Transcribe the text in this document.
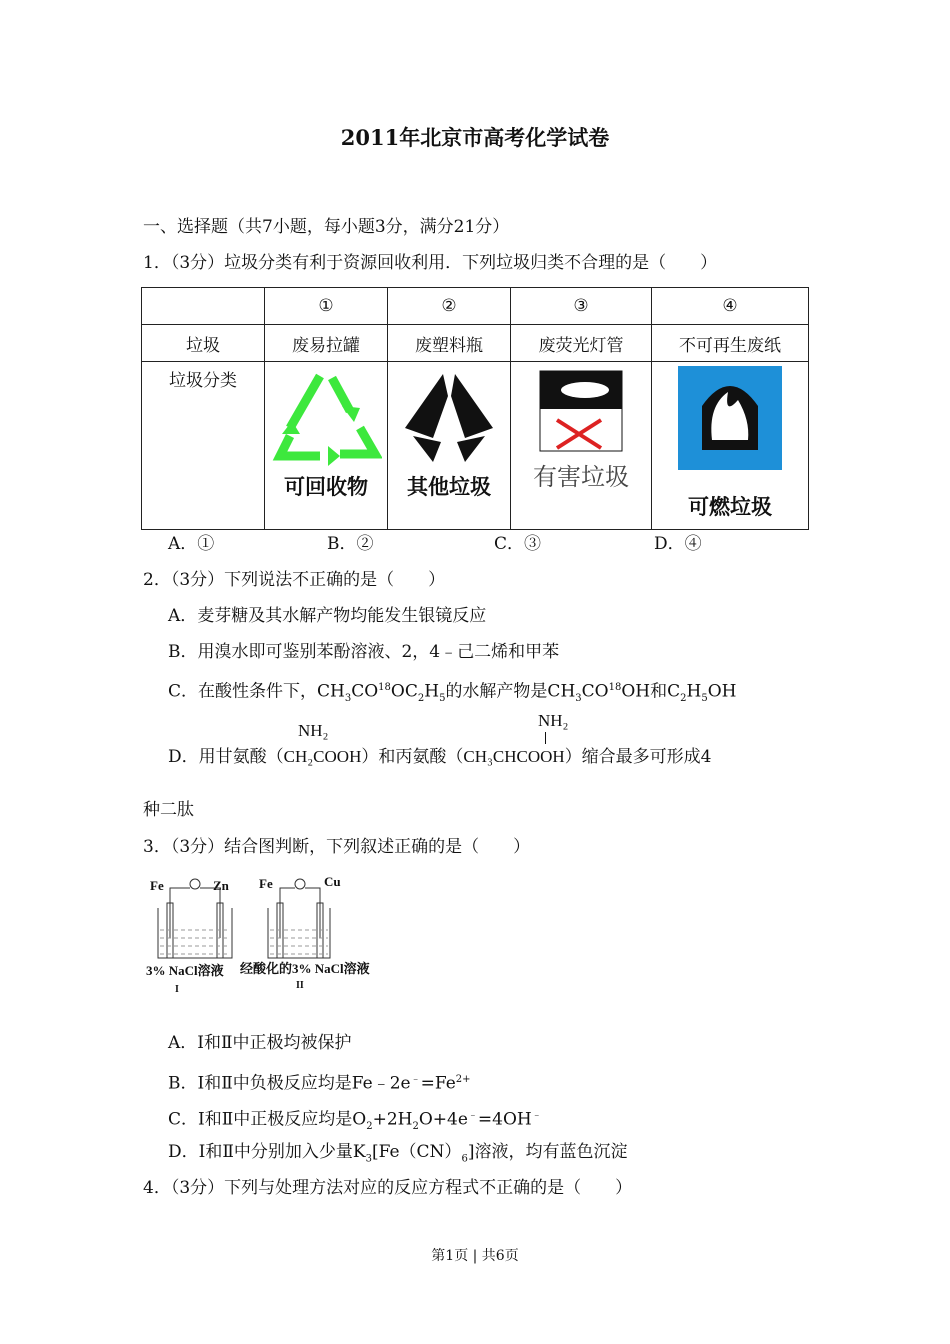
2011年北京市高考化学试卷
一、选择题（共7小题，每小题3分，满分21分）
1．（3分）垃圾分类有利于资源回收利用．下列垃圾归类不合理的是（　　）
	①	②	③	④
垃圾	废易拉罐	废塑料瓶	废荧光灯管	不可再生废纸

垃圾分类	可回收物	其他垃圾	有害垃圾	可燃垃圾
A．①	B．②	C．③	D．④
2．（3分）下列说法不正确的是（　　）
A．麦芽糖及其水解产物均能发生银镜反应
B．用溴水即可鉴别苯酚溶液、2，4﹣己二烯和甲苯
C．在酸性条件下，$CH_3CO^{18}OC_2H_5$的水解产物是$CH_3CO^{18}OH$和$C_2H_5OH$
NH₂
NH₂
D．用甘氨酸（CH₂COOH）和丙氨酸（CH₃CHCOOH）缩合最多可形成4
种二肽
3．（3分）结合图判断，下列叙述正确的是（　　）
Fe	Zn Fe	Cu
3% NaCl溶液 经酸化的3% NaCl溶液
I	II
A．Ⅰ和Ⅱ中正极均被保护
B．Ⅰ和Ⅱ中负极反应均是$Fe﹣2e^﹣=Fe^{2+}$
C．Ⅰ和Ⅱ中正极反应均是$O_2+2H_2O+4e^﹣=4OH^﹣$
D．Ⅰ和Ⅱ中分别加入少量$K_3[Fe(CN)_6]$溶液，均有蓝色沉淀
4．（3分）下列与处理方法对应的反应方程式不正确的是（　　）
第1页 | 共6页
